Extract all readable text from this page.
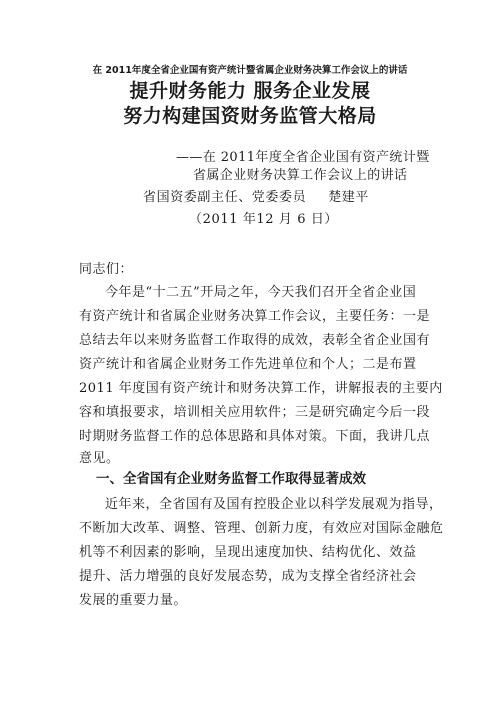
在 2011年度全省企业国有资产统计暨省属企业财务决算工作会议上的讲话
提升财务能力 服务企业发展
努力构建国资财务监管大格局
——在 2011年度全省企业国有资产统计暨
省属企业财务决算工作会议上的讲话
省国资委副主任、党委委员 楚建平
（2011 年12 月 6 日）
同志们：
今年是“十二五”开局之年，今天我们召开全省企业国
有资产统计和省属企业财务决算工作会议，主要任务：一是
总结去年以来财务监督工作取得的成效，表彰全省企业国有
资产统计和省属企业财务工作先进单位和个人；二是布置
2011 年度国有资产统计和财务决算工作，讲解报表的主要内
容和填报要求，培训相关应用软件；三是研究确定今后一段
时期财务监督工作的总体思路和具体对策。下面，我讲几点
意见。
一、全省国有企业财务监督工作取得显著成效
近年来，全省国有及国有控股企业以科学发展观为指导，
不断加大改革、调整、管理、创新力度，有效应对国际金融危
机等不利因素的影响，呈现出速度加快、结构优化、效益
提升、活力增强的良好发展态势，成为支撑全省经济社会
发展的重要力量。
